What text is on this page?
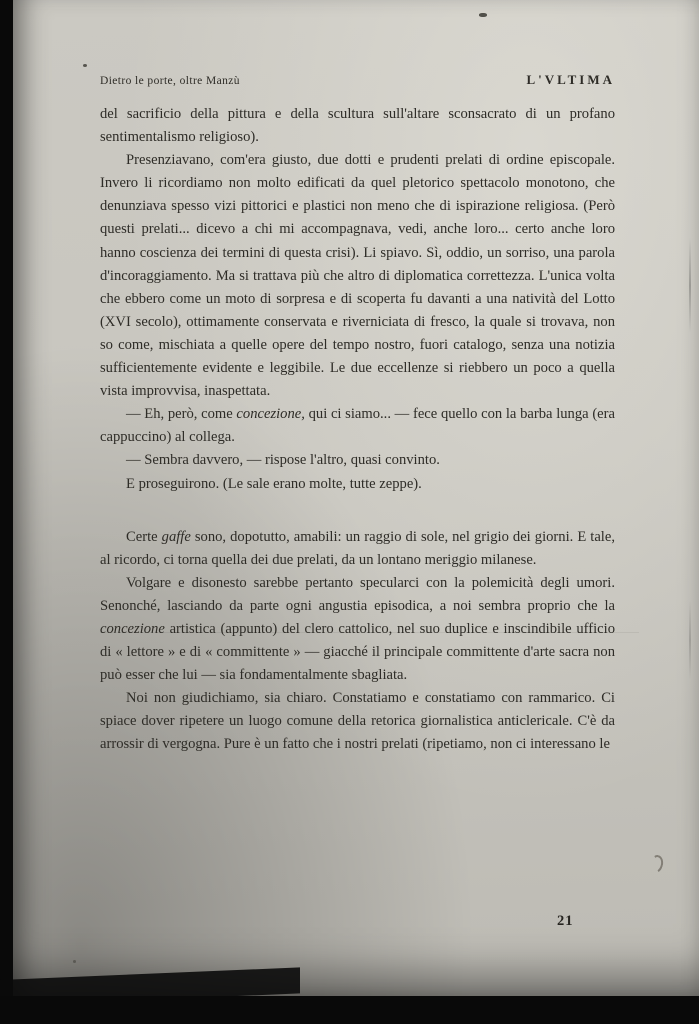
Dietro le porte, oltre Manzù	L'VLTIMA

del sacrificio della pittura e della scultura sull'altare sconsacrato di un profano sentimentalismo religioso).

Presenziavano, com'era giusto, due dotti e prudenti prelati di ordine episcopale. Invero li ricordiamo non molto edificati da quel pletorico spettacolo monotono, che denunziava spesso vizi pittorici e plastici non meno che di ispirazione religiosa. (Però questi prelati... dicevo a chi mi accompagnava, vedi, anche loro... certo anche loro hanno coscienza dei termini di questa crisi). Li spiavo. Sì, oddio, un sorriso, una parola d'incoraggiamento. Ma si trattava più che altro di diplomatica correttezza. L'unica volta che ebbero come un moto di sorpresa e di scoperta fu davanti a una natività del Lotto (XVI secolo), ottimamente conservata e riverniciata di fresco, la quale si trovava, non so come, mischiata a quelle opere del tempo nostro, fuori catalogo, senza una notizia sufficientemente evidente e leggibile. Le due eccellenze si riebbero un poco a quella vista improvvisa, inaspettata.

— Eh, però, come concezione, qui ci siamo... — fece quello con la barba lunga (era cappuccino) al collega.

— Sembra davvero, — rispose l'altro, quasi convinto.

E proseguirono. (Le sale erano molte, tutte zeppe).

Certe gaffe sono, dopotutto, amabili: un raggio di sole, nel grigio dei giorni. E tale, al ricordo, ci torna quella dei due prelati, da un lontano meriggio milanese.

Volgare e disonesto sarebbe pertanto specularci con la polemicità degli umori. Senonché, lasciando da parte ogni angustia episodica, a noi sembra proprio che la concezione artistica (appunto) del clero cattolico, nel suo duplice e inscindibile ufficio di « lettore » e di « committente » — giacché il principale committente d'arte sacra non può esser che lui — sia fondamentalmente sbagliata.

Noi non giudichiamo, sia chiaro. Constatiamo e constatiamo con rammarico. Ci spiace dover ripetere un luogo comune della retorica giornalistica anticlericale. C'è da arrossir di vergogna. Pure è un fatto che i nostri prelati (ripetiamo, non ci interessano le

21
